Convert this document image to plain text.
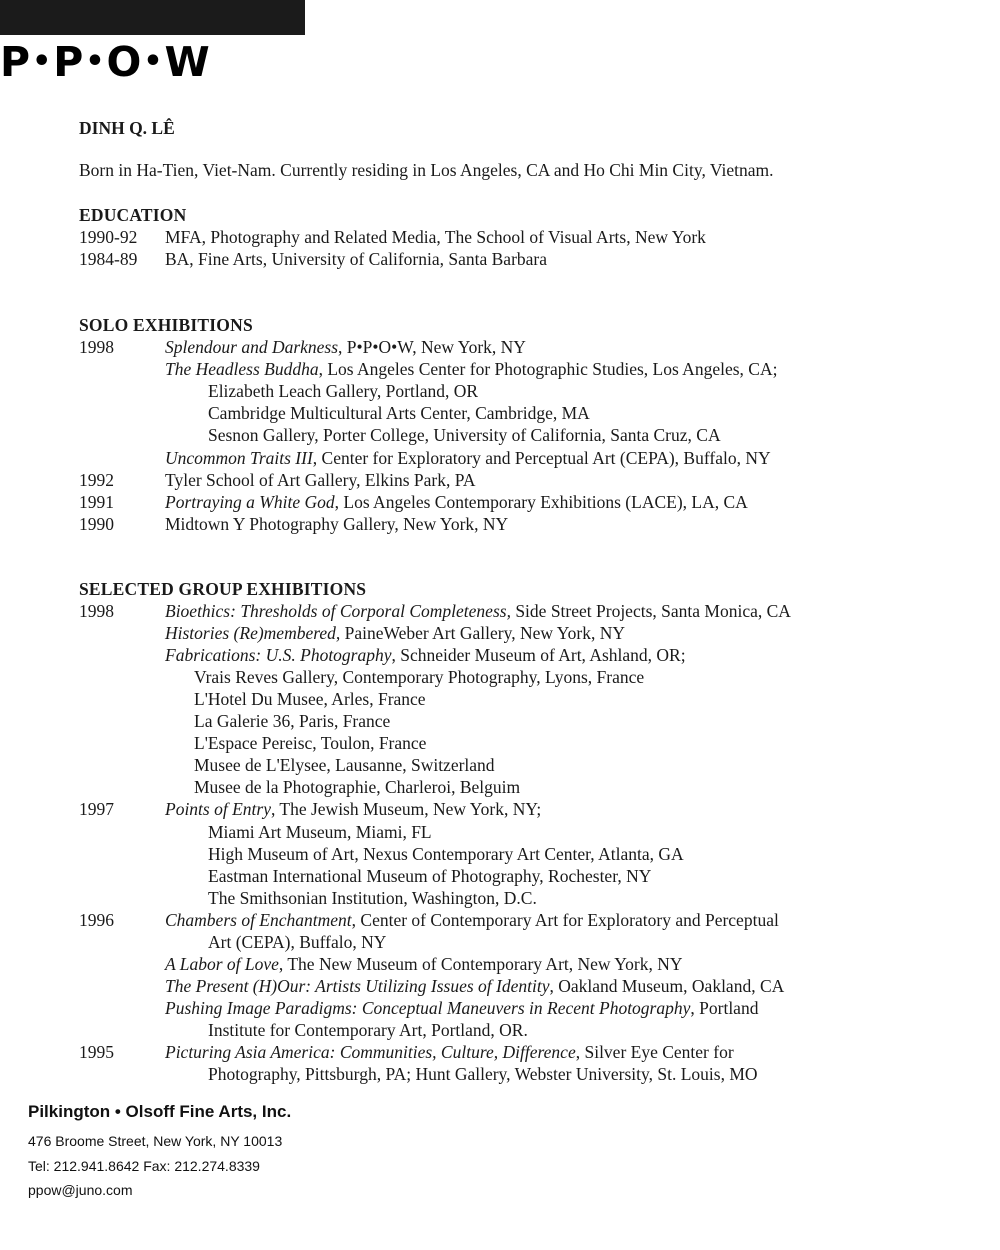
P•P•O•W
DINH Q. LÊ
Born in Ha-Tien, Viet-Nam. Currently residing in Los Angeles, CA and Ho Chi Min City, Vietnam.
EDUCATION
1990-92 MFA, Photography and Related Media, The School of Visual Arts, New York
1984-89 BA, Fine Arts, University of California, Santa Barbara
SOLO EXHIBITIONS
1998	Splendour and Darkness, P•P•O•W, New York, NY
The Headless Buddha, Los Angeles Center for Photographic Studies, Los Angeles, CA;
Elizabeth Leach Gallery, Portland, OR
Cambridge Multicultural Arts Center, Cambridge, MA
Sesnon Gallery, Porter College, University of California, Santa Cruz, CA
Uncommon Traits III, Center for Exploratory and Perceptual Art (CEPA), Buffalo, NY
1992	Tyler School of Art Gallery, Elkins Park, PA
1991	Portraying a White God, Los Angeles Contemporary Exhibitions (LACE), LA, CA
1990	Midtown Y Photography Gallery, New York, NY
SELECTED GROUP EXHIBITIONS
1998	Bioethics: Thresholds of Corporal Completeness, Side Street Projects, Santa Monica, CA
Histories (Re)membered, PaineWeber Art Gallery, New York, NY
Fabrications: U.S. Photography, Schneider Museum of Art, Ashland, OR;
Vrais Reves Gallery, Contemporary Photography, Lyons, France
L'Hotel Du Musee, Arles, France
La Galerie 36, Paris, France
L'Espace Pereisc, Toulon, France
Musee de L'Elysee, Lausanne, Switzerland
Musee de la Photographie, Charleroi, Belguim
1997	Points of Entry, The Jewish Museum, New York, NY;
Miami Art Museum, Miami, FL
High Museum of Art, Nexus Contemporary Art Center, Atlanta, GA
Eastman International Museum of Photography, Rochester, NY
The Smithsonian Institution, Washington, D.C.
1996	Chambers of Enchantment, Center of Contemporary Art for Exploratory and Perceptual
Art (CEPA), Buffalo, NY
A Labor of Love, The New Museum of Contemporary Art, New York, NY
The Present (H)Our: Artists Utilizing Issues of Identity, Oakland Museum, Oakland, CA
Pushing Image Paradigms: Conceptual Maneuvers in Recent Photography, Portland
Institute for Contemporary Art, Portland, OR.
1995	Picturing Asia America: Communities, Culture, Difference, Silver Eye Center for
Photography, Pittsburgh, PA; Hunt Gallery, Webster University, St. Louis, MO
Pilkington • Olsoff Fine Arts, Inc.
476 Broome Street, New York, NY 10013
Tel: 212.941.8642 Fax: 212.274.8339
ppow@juno.com
